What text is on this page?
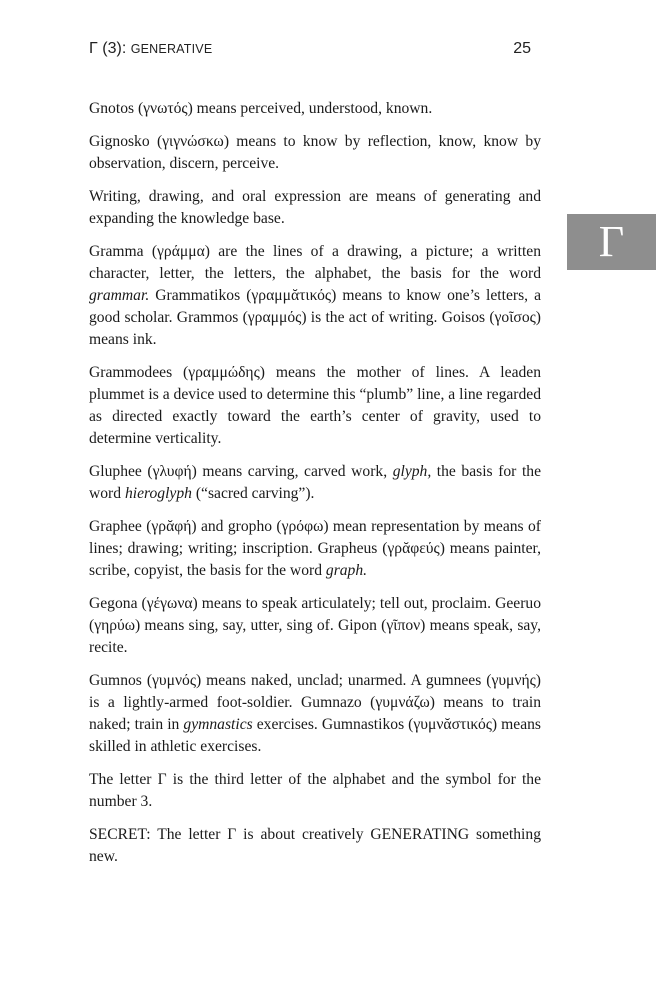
Γ (3): GENERATIVE	25
Γ

Gnotos (γνωτός) means perceived, understood, known.

Gignosko (γιγνώσκω) means to know by reflection, know, know by observation, discern, perceive.

Writing, drawing, and oral expression are means of generating and expanding the knowledge base.

Gramma (γράμμα) are the lines of a drawing, a picture; a written character, letter, the letters, the alphabet, the basis for the word grammar. Grammatikos (γραμμᾰτικός) means to know one’s letters, a good scholar. Grammos (γραμμός) is the act of writing. Goisos (γοῖσος) means ink.

Grammodees (γραμμώδης) means the mother of lines. A leaden plummet is a device used to determine this “plumb” line, a line regarded as directed exactly toward the earth’s center of gravity, used to determine verticality.

Gluphee (γλυφή) means carving, carved work, glyph, the basis for the word hieroglyph (“sacred carving”).

Graphee (γρᾰφή) and gropho (γρόφω) mean representation by means of lines; drawing; writing; inscription. Grapheus (γρᾰφεύς) means painter, scribe, copyist, the basis for the word graph.

Gegona (γέγωνα) means to speak articulately; tell out, proclaim. Geeruo (γηρύω) means sing, say, utter, sing of. Gipon (γῖπον) means speak, say, recite.

Gumnos (γυμνός) means naked, unclad; unarmed. A gumnees (γυμνής) is a lightly-armed foot-soldier. Gumnazo (γυμνάζω) means to train naked; train in gymnastics exercises. Gumnastikos (γυμνᾰστικός) means skilled in athletic exercises.

The letter Γ is the third letter of the alphabet and the symbol for the number 3.

SECRET: The letter Γ is about creatively GENERATING something new.
